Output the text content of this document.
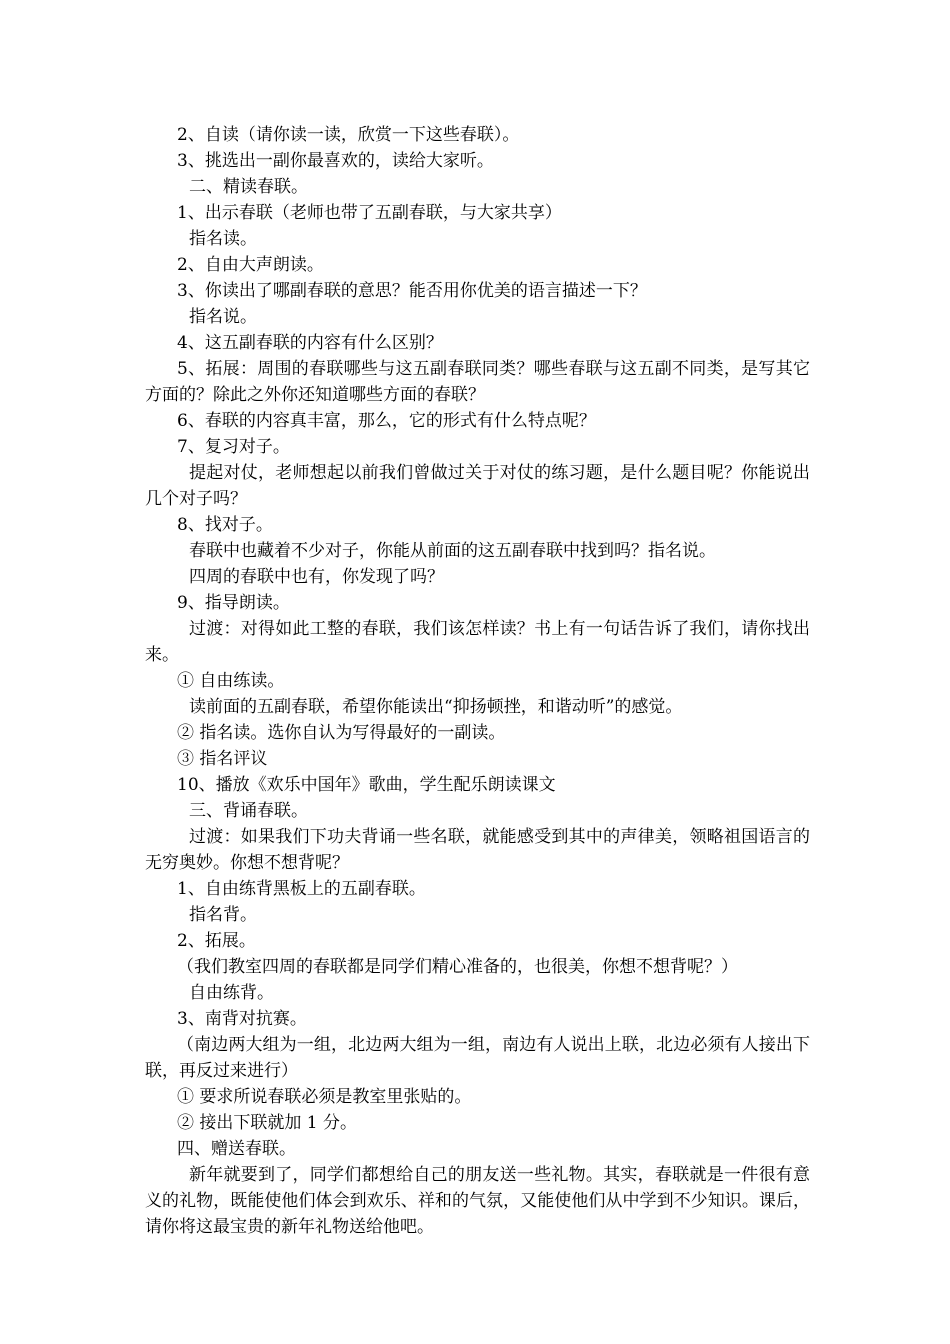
2、自读（请你读一读，欣赏一下这些春联）。

3、挑选出一副你最喜欢的，读给大家听。

二、精读春联。

1、出示春联（老师也带了五副春联，与大家共享）

指名读。

2、自由大声朗读。

3、你读出了哪副春联的意思？能否用你优美的语言描述一下？

指名说。

4、这五副春联的内容有什么区别？

5、拓展：周围的春联哪些与这五副春联同类？哪些春联与这五副不同类，是写其它方面的？除此之外你还知道哪些方面的春联？

6、春联的内容真丰富，那么，它的形式有什么特点呢？

7、复习对子。

提起对仗，老师想起以前我们曾做过关于对仗的练习题，是什么题目呢？你能说出几个对子吗？

8、找对子。

春联中也藏着不少对子，你能从前面的这五副春联中找到吗？指名说。

四周的春联中也有，你发现了吗？

9、指导朗读。

过渡：对得如此工整的春联，我们该怎样读？书上有一句话告诉了我们，请你找出来。

① 自由练读。

读前面的五副春联，希望你能读出“抑扬顿挫，和谐动听”的感觉。

② 指名读。选你自认为写得最好的一副读。

③ 指名评议

10、播放《欢乐中国年》歌曲，学生配乐朗读课文

三、背诵春联。

过渡：如果我们下功夫背诵一些名联，就能感受到其中的声律美，领略祖国语言的无穷奥妙。你想不想背呢？

1、自由练背黑板上的五副春联。

指名背。

2、拓展。

（我们教室四周的春联都是同学们精心准备的，也很美，你想不想背呢？）

自由练背。

3、南背对抗赛。

（南边两大组为一组，北边两大组为一组，南边有人说出上联，北边必须有人接出下联，再反过来进行）

① 要求所说春联必须是教室里张贴的。

② 接出下联就加 1 分。

四、赠送春联。

新年就要到了，同学们都想给自己的朋友送一些礼物。其实，春联就是一件很有意义的礼物，既能使他们体会到欢乐、祥和的气氛，又能使他们从中学到不少知识。课后，请你将这最宝贵的新年礼物送给他吧。
